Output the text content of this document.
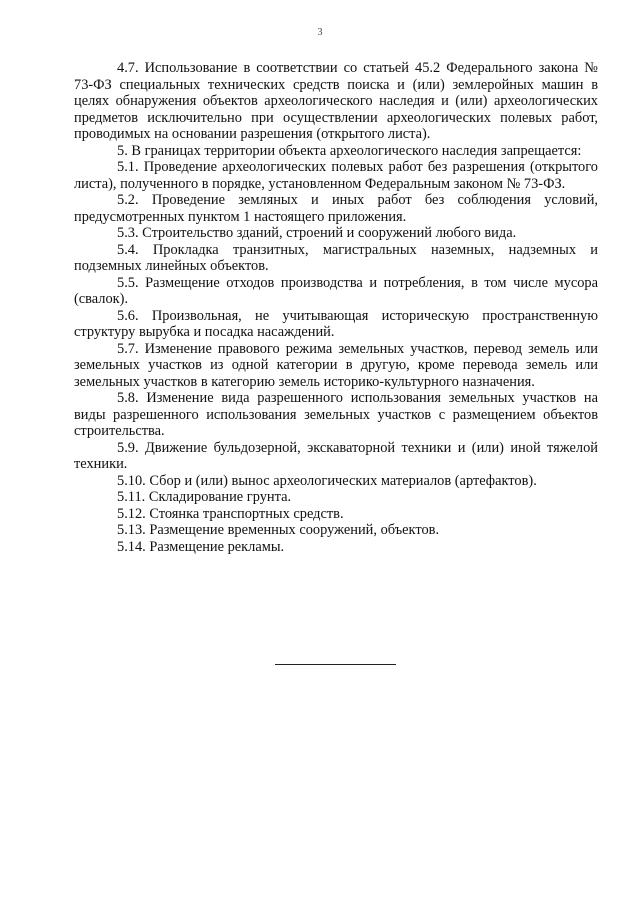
3

4.7. Использование в соответствии со статьей 45.2 Федерального закона № 73-ФЗ специальных технических средств поиска и (или) землеройных машин в целях обнаружения объектов археологического наследия и (или) археологических предметов исключительно при осуществлении археологических полевых работ, проводимых на основании разрешения (открытого листа).

5. В границах территории объекта археологического наследия запрещается:

5.1. Проведение археологических полевых работ без разрешения (открытого листа), полученного в порядке, установленном Федеральным законом № 73-ФЗ.

5.2. Проведение земляных и иных работ без соблюдения условий, предусмотренных пунктом 1 настоящего приложения.

5.3. Строительство зданий, строений и сооружений любого вида.

5.4. Прокладка транзитных, магистральных наземных, надземных и подземных линейных объектов.

5.5. Размещение отходов производства и потребления, в том числе мусора (свалок).

5.6. Произвольная, не учитывающая историческую пространственную структуру вырубка и посадка насаждений.

5.7. Изменение правового режима земельных участков, перевод земель или земельных участков из одной категории в другую, кроме перевода земель или земельных участков в категорию земель историко-культурного назначения.

5.8. Изменение вида разрешенного использования земельных участков на виды разрешенного использования земельных участков с размещением объектов строительства.

5.9. Движение бульдозерной, экскаваторной техники и (или) иной тяжелой техники.

5.10. Сбор и (или) вынос археологических материалов (артефактов).

5.11. Складирование грунта.

5.12. Стоянка транспортных средств.

5.13. Размещение временных сооружений, объектов.

5.14. Размещение рекламы.
